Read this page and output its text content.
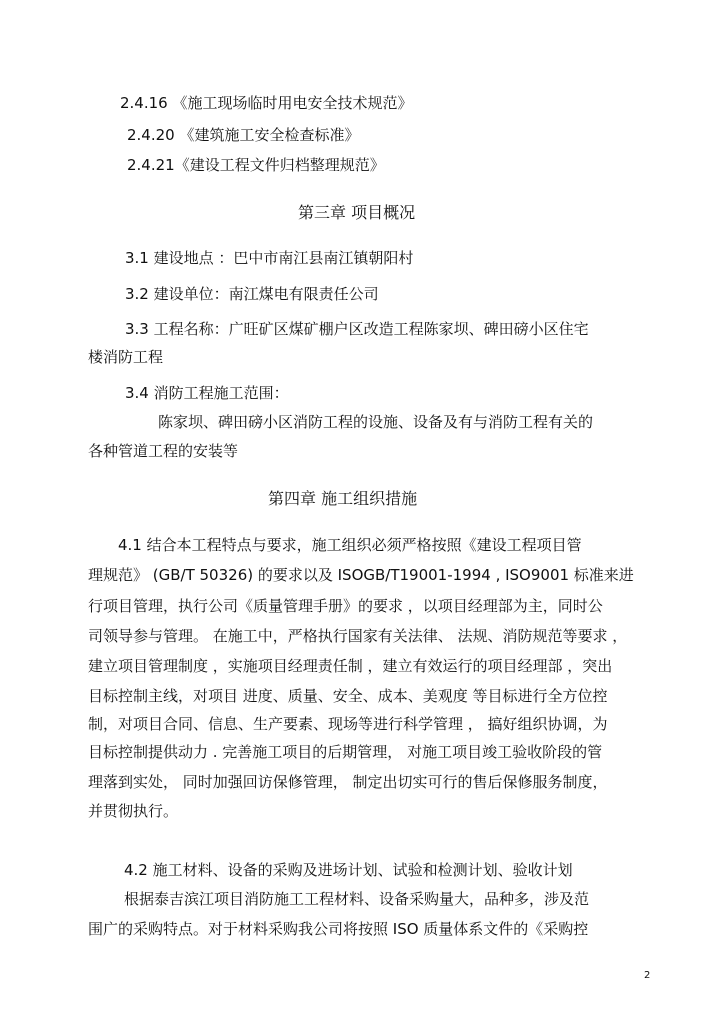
2.4.16 《施工现场临时用电安全技术规范》
2.4.20 《建筑施工安全检查标准》
2.4.21《建设工程文件归档整理规范》
第三章 项目概况
3.1 建设地点 ：巴中市南江县南江镇朝阳村
3.2 建设单位：南江煤电有限责任公司
3.3 工程名称：广旺矿区煤矿棚户区改造工程陈家坝、碑田磅小区住宅
楼消防工程
3.4 消防工程施工范围：
陈家坝、碑田磅小区消防工程的设施、设备及有与消防工程有关的
各种管道工程的安装等
第四章 施工组织措施
4.1 结合本工程特点与要求，施工组织必须严格按照《建设工程项目管
理规范》 (GB/T 50326) 的要求以及 ISOGB/T19001-1994 , ISO9001 标准来进
行项目管理，执行公司《质量管理手册》的要求 ，以项目经理部为主，同时公
司领导参与管理。 在施工中，严格执行国家有关法律、 法规、消防规范等要求 ，
建立项目管理制度 ，实施项目经理责任制 ，建立有效运行的项目经理部 ，突出
目标控制主线，对项目 进度、质量、安全、成本、美观度 等目标进行全方位控
制，对项目合同、信息、生产要素、现场等进行科学管理 ， 搞好组织协调，为
目标控制提供动力 . 完善施工项目的后期管理， 对施工项目竣工验收阶段的管
理落到实处， 同时加强回访保修管理， 制定出切实可行的售后保修服务制度，
并贯彻执行。
4.2 施工材料、设备的采购及进场计划、试验和检测计划、验收计划
根据泰吉滨江项目消防施工工程材料、设备采购量大，品种多，涉及范
围广的采购特点。对于材料采购我公司将按照 ISO 质量体系文件的《采购控
2
